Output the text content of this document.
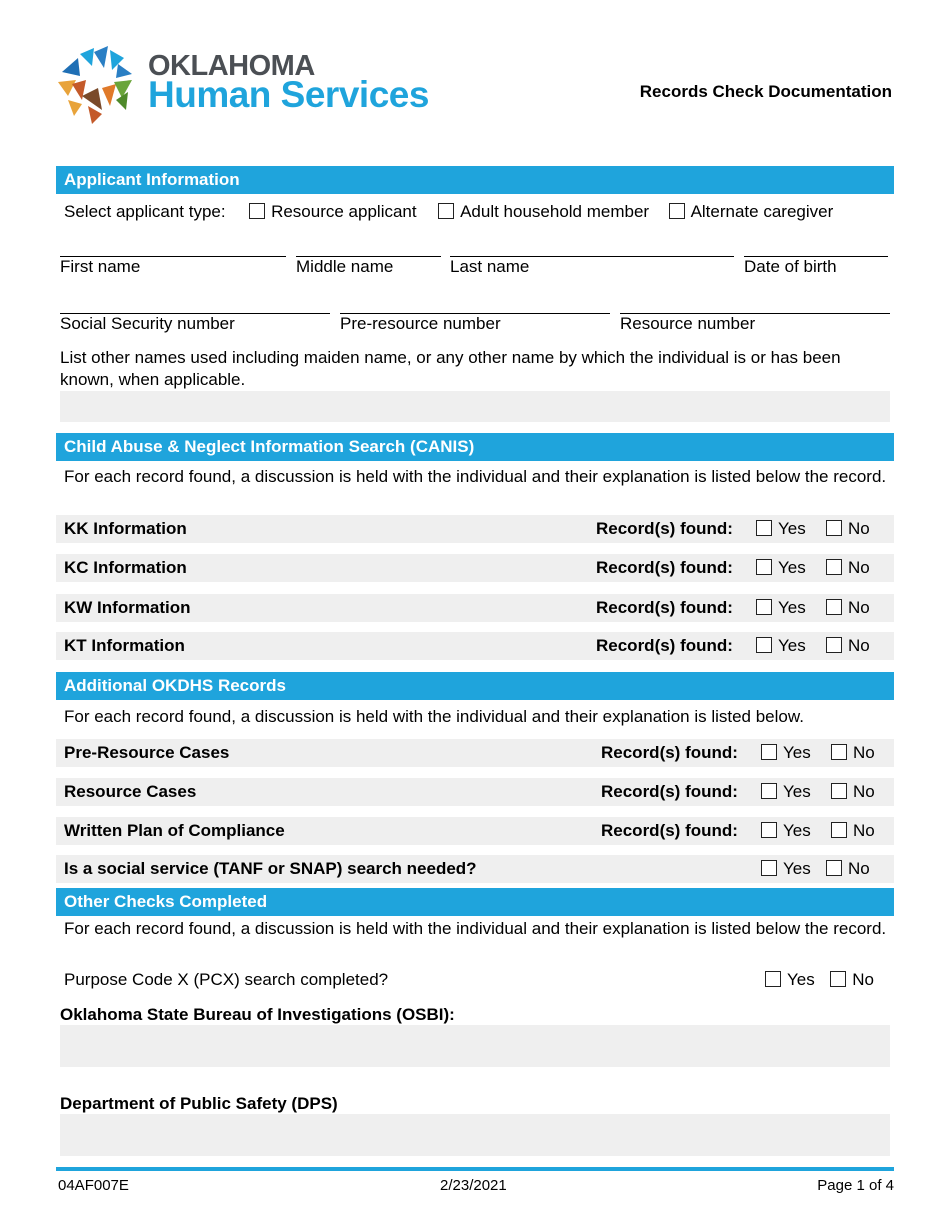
OKLAHOMA
Human Services	Records Check Documentation
Applicant Information
Select applicant type:	Resource applicant	Adult household member Alternate caregiver
First name	Middle name	Last name	Date of birth
Social Security number	Pre-resource number	Resource number
List other names used including maiden name, or any other name by which the individual is or has been known, when applicable.
Child Abuse & Neglect Information Search (CANIS)
For each record found, a discussion is held with the individual and their explanation is listed below the record.
KK Information	Record(s) found:	Yes	No
KC Information	Record(s) found:	Yes	No
KW Information	Record(s) found:	Yes	No
KT Information	Record(s) found:	Yes	No
Additional OKDHS Records
For each record found, a discussion is held with the individual and their explanation is listed below.
Pre-Resource Cases	Record(s) found:	Yes	No
Resource Cases	Record(s) found:	Yes	No
Written Plan of Compliance	Record(s) found:	Yes	No
Is a social service (TANF or SNAP) search needed?	Yes	No
Other Checks Completed
For each record found, a discussion is held with the individual and their explanation is listed below the record.
Purpose Code X (PCX) search completed?	Yes No
Oklahoma State Bureau of Investigations (OSBI):
Department of Public Safety (DPS)
04AF007E	2/23/2021	Page 1 of 4
